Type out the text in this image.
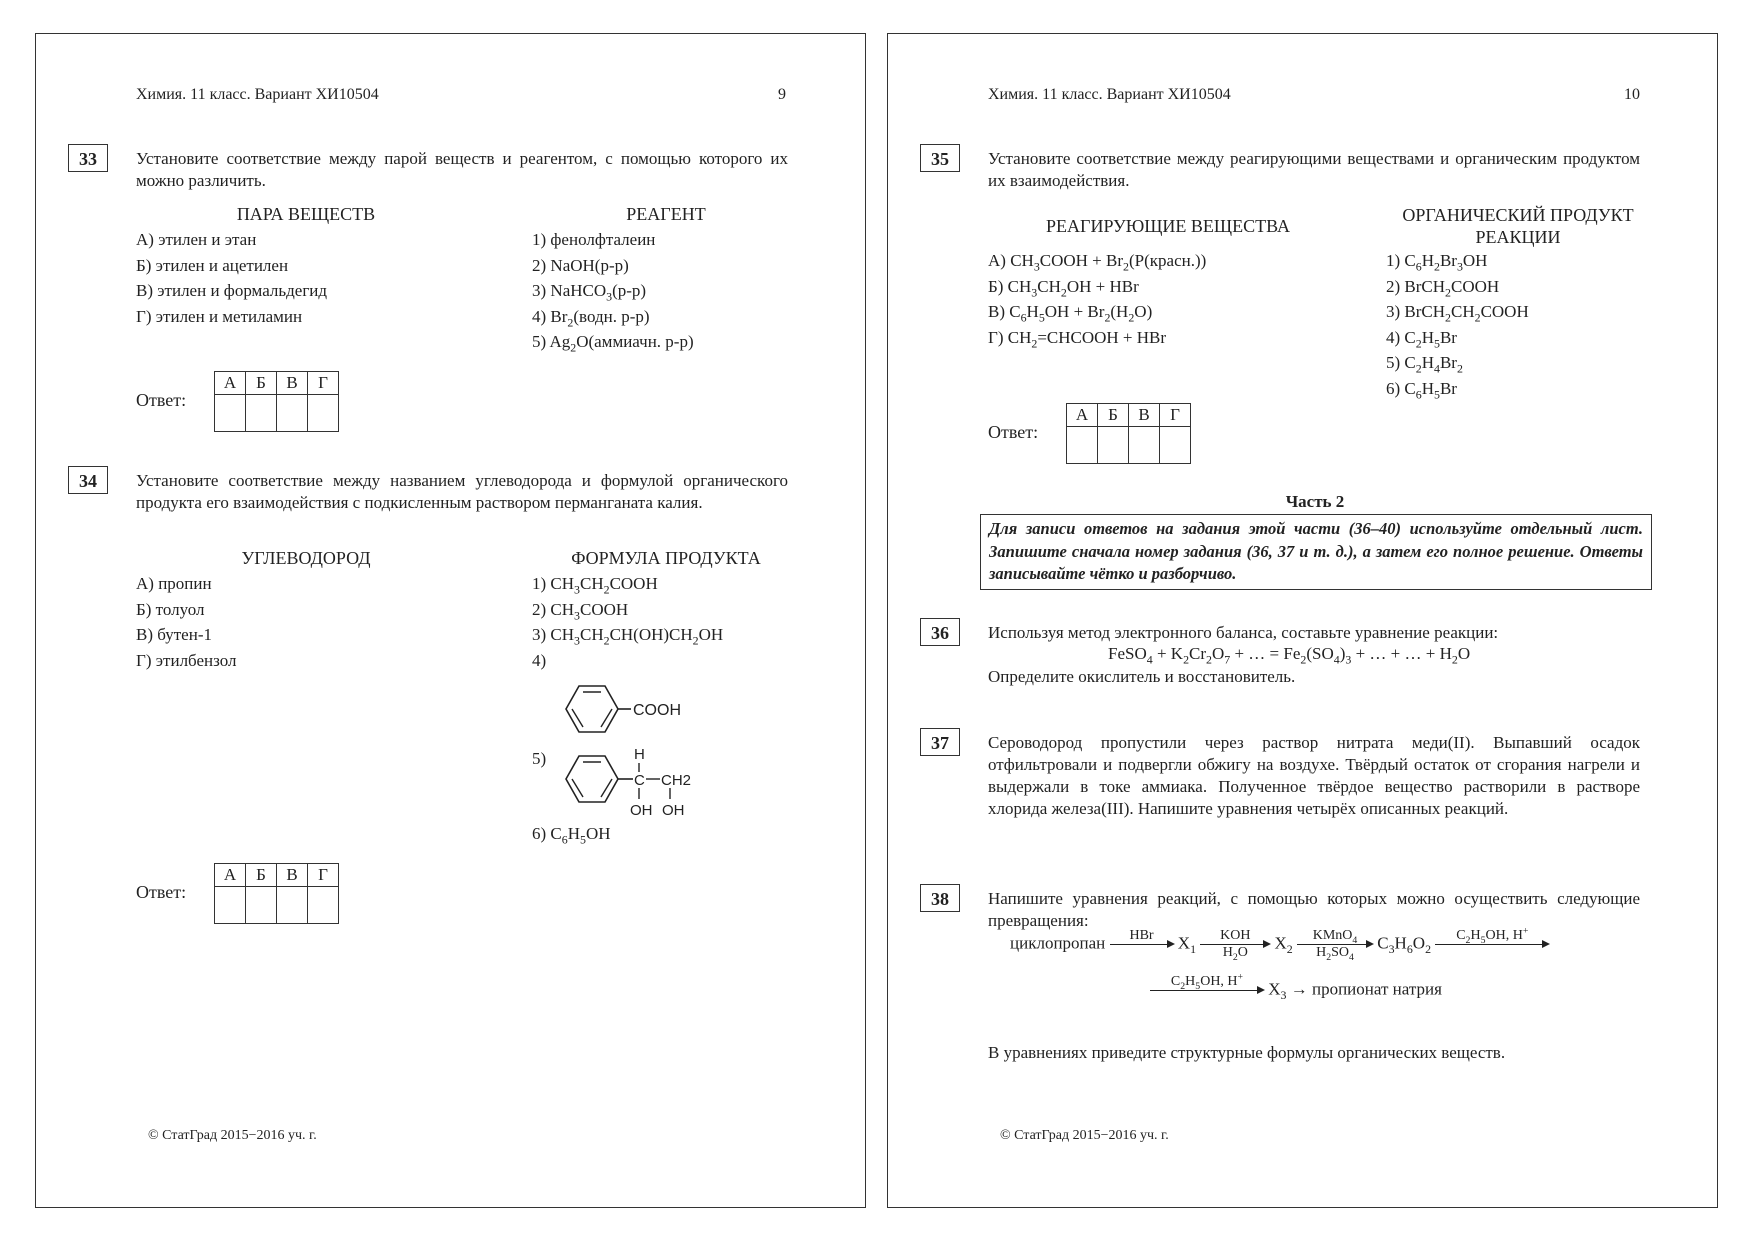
Химия. 11 класс. Вариант ХИ10504	9
33	Установите соответствие между парой веществ и реагентом, с помощью которого их можно различить.
ПАРА ВЕЩЕСТВ	РЕАГЕНТ
А) этилен и этан
Б) этилен и ацетилен
В) этилен и формальдегид
Г) этилен и метиламин
1) фенолфталеин
2) NaOH(р-р)
3) NaHCO$_3$(р-р)
4) $Br_2(водн$. р-р)
5) $Ag_2O(аммиачн$. р-р)
Ответ:
А	Б	В	Г

34	Установите соответствие между названием углеводорода и формулой органического продукта его взаимодействия с подкисленным раствором перманганата калия.
УГЛЕВОДОРОД	ФОРМУЛА ПРОДУКТА
А) пропин
Б) толуол
В) бутен-1
Г) этилбензол
1) $CH_3CH_2COOH$
2) $CH_3COOH$
3) $CH_3CH_2CH(OH)CH_2OH$
4)
COOH
5)	H
C CH2
OH OH
6) $C_6H_5OH$
Ответ:
А	Б	В	Г

© СтатГрад 2015−2016 уч. г.
Химия. 11 класс. Вариант ХИ10504	10
35	Установите соответствие между реагирующими веществами и органическим продуктом их взаимодействия.
РЕАГИРУЮЩИЕ ВЕЩЕСТВА
ОРГАНИЧЕСКИЙ ПРОДУКТ РЕАКЦИИ
А) $CH_3COOH$ + $Br_2(P(красн.))$
Б) $CH_3CH_2OH$ + HBr
В) $C_6H_5OH + Br_2(H_2O)$
Г) $CH_2=CHCOOH$ + HBr
1) $C_6H_2Br_3OH$
2) BrCH$_2$COOH
3) $BrCH_2CH_2COOH$
4) $C_2H_5Br$
5) $C_2H_4Br_2$
6) $C_6H_5Br$
Ответ:
А	Б	В	Г

Часть 2
Для записи ответов на задания этой части (36–40) используйте отдельный лист. Запишите сначала номер задания (36, 37 и т. д.), а затем его полное решение. Ответы записывайте чётко и разборчиво.
36	Используя метод электронного баланса, составьте уравнение реакции:
FeSO$_4$ + $K_2Cr_2O_7$ + … = $Fe_2(SO_4)_3$ + … + … + $H_2O$
Определите окислитель и восстановитель.
37	Сероводород пропустили через раствор нитрата меди(II). Выпавший осадок отфильтровали и подвергли обжигу на воздухе. Твёрдый остаток от сгорания нагрели и выдержали в токе аммиака. Полученное твёрдое вещество растворили в растворе хлорида железа(III). Напишите уравнения четырёх описанных реакций.
38	Напишите уравнения реакций, с помощью которых можно осуществить следующие превращения:
циклопропан	HBr	$X_1$
KOH
$H_2O$
$X_2$
KMnO$_4$
$H_2SO_4$
$C_3H_6O_2$
$C_2H_5OH$, H+
$C_2H_5OH$, H+
$X_3$ → пропионат натрия
В уравнениях приведите структурные формулы органических веществ.
© СтатГрад 2015−2016 уч. г.
